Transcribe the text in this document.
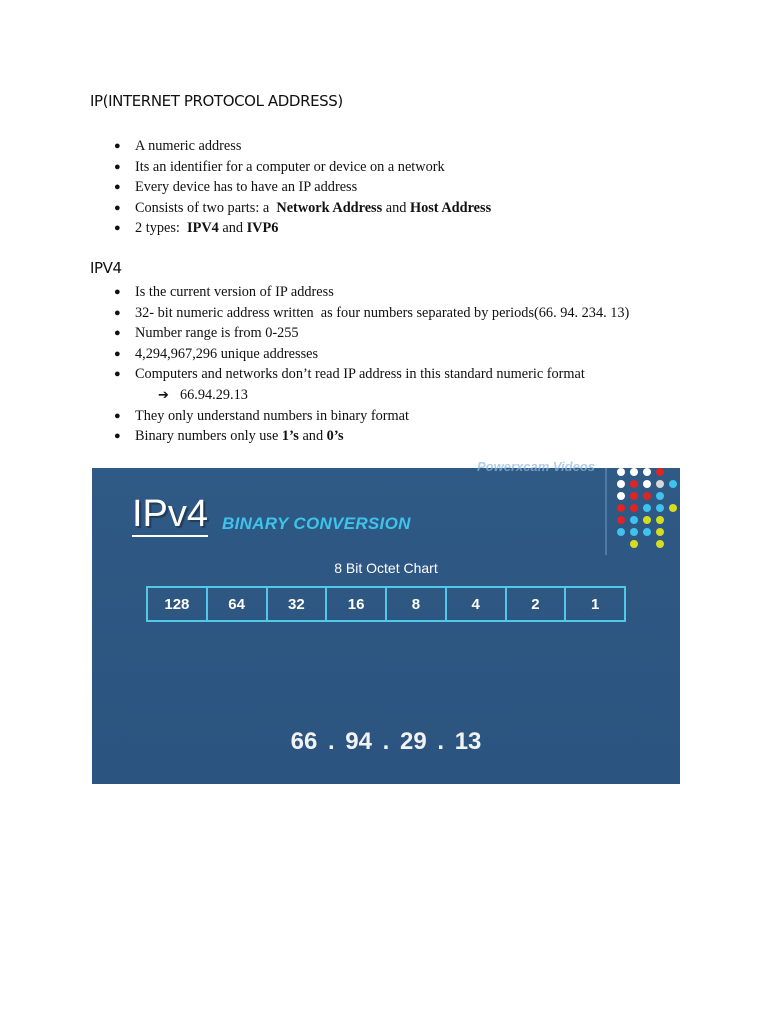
IP(INTERNET PROTOCOL ADDRESS)
● A numeric address
● Its an identifier for a computer or device on a network
● Every device has to have an IP address
● Consists of two parts: a  Network Address and Host Address
● 2 types:  IPV4 and IVP6
IPV4
● Is the current version of IP address
● 32- bit numeric address written  as four numbers separated by periods(66. 94. 234. 13)
● Number range is from 0-255
● 4,294,967,296 unique addresses
● Computers and networks don’t read IP address in this standard numeric format
➔ 66.94.29.13
● They only understand numbers in binary format
● Binary numbers only use 1’s and 0’s
Powerxcam Videos
IPv4 BINARY CONVERSION
8 Bit Octet Chart
128	64	32	16	8	4	2	1
66 . 94 . 29 . 13
